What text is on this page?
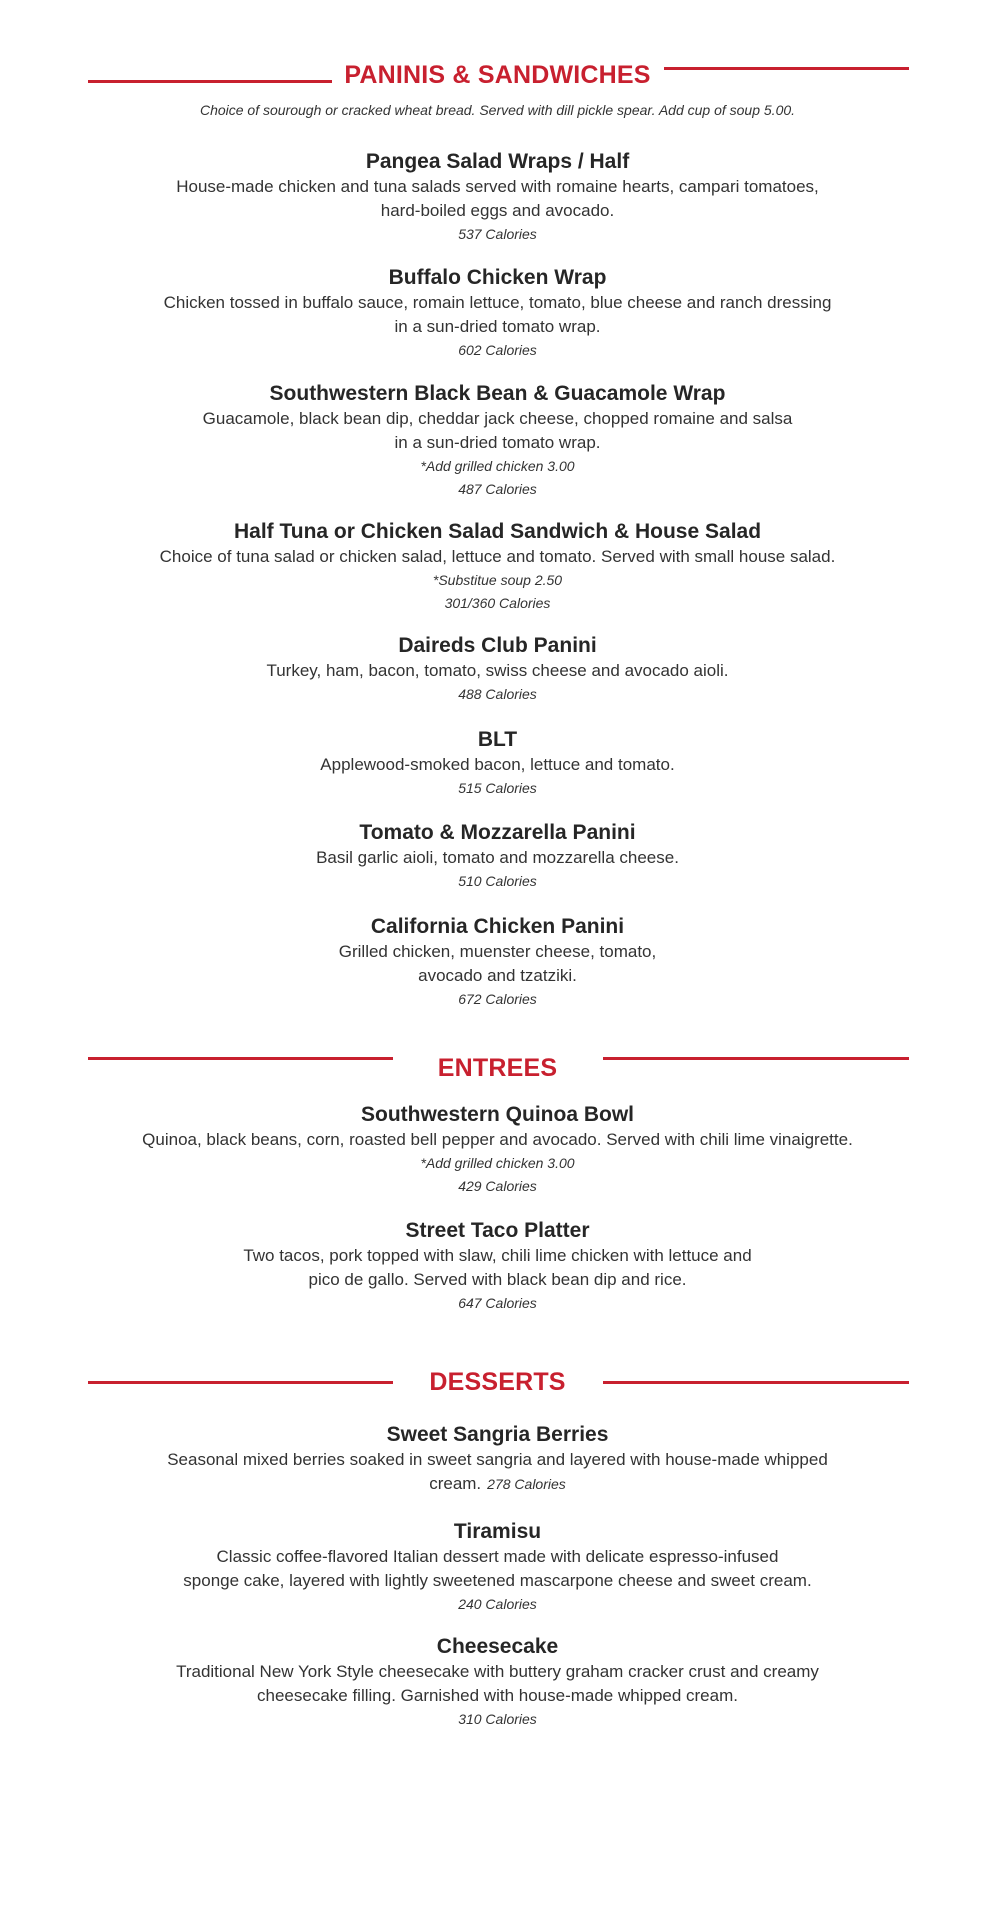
PANINIS & SANDWICHES
Choice of sourough or cracked wheat bread. Served with dill pickle spear. Add cup of soup 5.00.
Pangea Salad Wraps / Half
House-made chicken and tuna salads served with romaine hearts, campari tomatoes,
hard-boiled eggs and avocado.
537 Calories
Buffalo Chicken Wrap
Chicken tossed in buffalo sauce, romain lettuce, tomato, blue cheese and ranch dressing
in a sun-dried tomato wrap.
602 Calories
Southwestern Black Bean & Guacamole Wrap
Guacamole, black bean dip, cheddar jack cheese, chopped romaine and salsa
in a sun-dried tomato wrap.
*Add grilled chicken 3.00
487 Calories
Half Tuna or Chicken Salad Sandwich & House Salad
Choice of tuna salad or chicken salad, lettuce and tomato. Served with small house salad.
*Substitue soup 2.50
301/360 Calories
Daireds Club Panini
Turkey, ham, bacon, tomato, swiss cheese and avocado aioli.
488 Calories
BLT
Applewood-smoked bacon, lettuce and tomato.
515 Calories
Tomato & Mozzarella Panini
Basil garlic aioli, tomato and mozzarella cheese.
510 Calories
California Chicken Panini
Grilled chicken, muenster cheese, tomato,
avocado and tzatziki.
672 Calories
ENTREES
Southwestern Quinoa Bowl
Quinoa, black beans, corn, roasted bell pepper and avocado. Served with chili lime vinaigrette.
*Add grilled chicken 3.00
429 Calories
Street Taco Platter
Two tacos, pork topped with slaw, chili lime chicken with lettuce and
pico de gallo. Served with black bean dip and rice.
647 Calories
DESSERTS
Sweet Sangria Berries
Seasonal mixed berries soaked in sweet sangria and layered with house-made whipped
cream. 278 Calories
Tiramisu
Classic coffee-flavored Italian dessert made with delicate espresso-infused
sponge cake, layered with lightly sweetened mascarpone cheese and sweet cream.
240 Calories
Cheesecake
Traditional New York Style cheesecake with buttery graham cracker crust and creamy
cheesecake filling. Garnished with house-made whipped cream.
310 Calories
